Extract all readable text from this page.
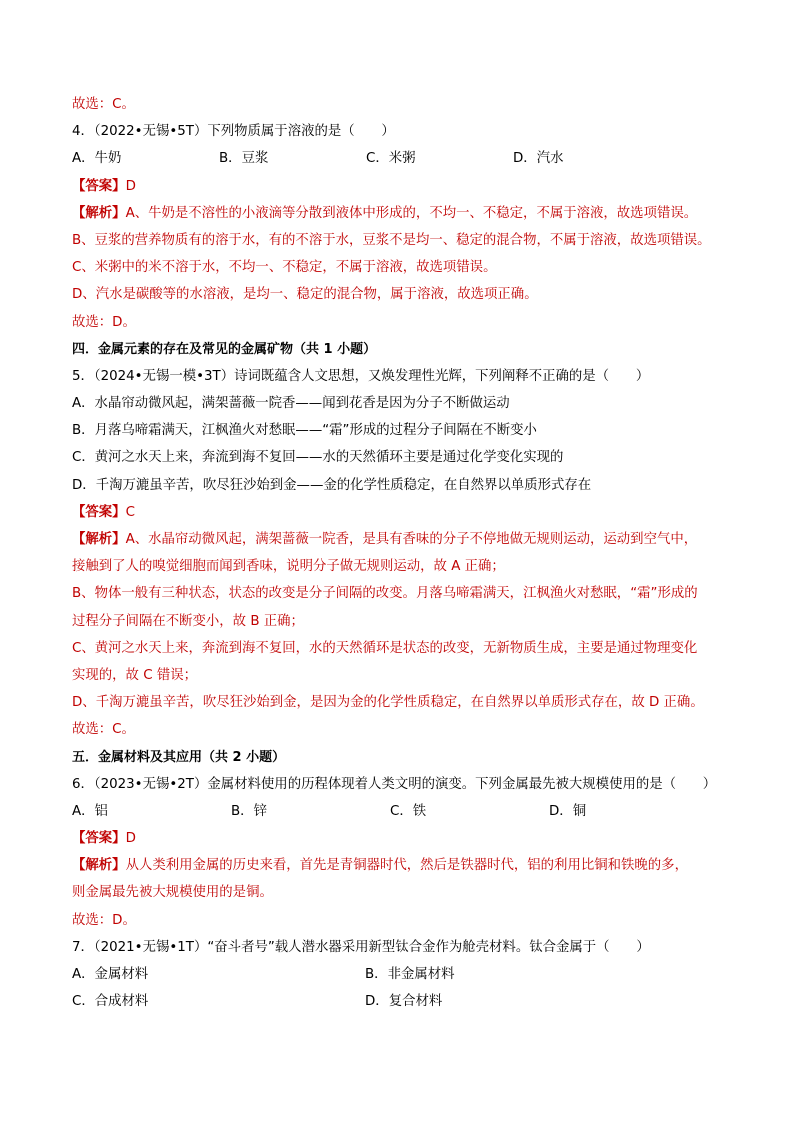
故选：C。
4．（2022•无锡•5T）下列物质属于溶液的是（　　）
A．牛奶	B．豆浆	C．米粥	D．汽水
【答案】D
【解析】A、牛奶是不溶性的小液滴等分散到液体中形成的，不均一、不稳定，不属于溶液，故选项错误。
B、豆浆的营养物质有的溶于水，有的不溶于水，豆浆不是均一、稳定的混合物，不属于溶液，故选项错误。
C、米粥中的米不溶于水，不均一、不稳定，不属于溶液，故选项错误。
D、汽水是碳酸等的水溶液，是均一、稳定的混合物，属于溶液，故选项正确。
故选：D。
四．金属元素的存在及常见的金属矿物（共 1 小题）
5．（2024•无锡一模•3T）诗词既蕴含人文思想，又焕发理性光辉，下列阐释不正确的是（　　）
A．水晶帘动微风起，满架蔷薇一院香——闻到花香是因为分子不断做运动
B．月落乌啼霜满天，江枫渔火对愁眠——“霜”形成的过程分子间隔在不断变小
C．黄河之水天上来，奔流到海不复回——水的天然循环主要是通过化学变化实现的
D．千淘万漉虽辛苦，吹尽狂沙始到金——金的化学性质稳定，在自然界以单质形式存在
【答案】C
【解析】A、水晶帘动微风起，满架蔷薇一院香，是具有香味的分子不停地做无规则运动，运动到空气中，
接触到了人的嗅觉细胞而闻到香味，说明分子做无规则运动，故 A 正确；
B、物体一般有三种状态，状态的改变是分子间隔的改变。月落乌啼霜满天，江枫渔火对愁眠，“霜”形成的
过程分子间隔在不断变小，故 B 正确；
C、黄河之水天上来，奔流到海不复回，水的天然循环是状态的改变，无新物质生成，主要是通过物理变化
实现的，故 C 错误；
D、千淘万漉虽辛苦，吹尽狂沙始到金，是因为金的化学性质稳定，在自然界以单质形式存在，故 D 正确。
故选：C。
五．金属材料及其应用（共 2 小题）
6．（2023•无锡•2T）金属材料使用的历程体现着人类文明的演变。下列金属最先被大规模使用的是（　　）
A．铝	B．锌	C．铁	D．铜
【答案】D
【解析】从人类利用金属的历史来看，首先是青铜器时代，然后是铁器时代，铝的利用比铜和铁晚的多，
则金属最先被大规模使用的是铜。
故选：D。
7．（2021•无锡•1T）“奋斗者号”载人潜水器采用新型钛合金作为舱壳材料。钛合金属于（　　）
A．金属材料	B．非金属材料
C．合成材料	D．复合材料
